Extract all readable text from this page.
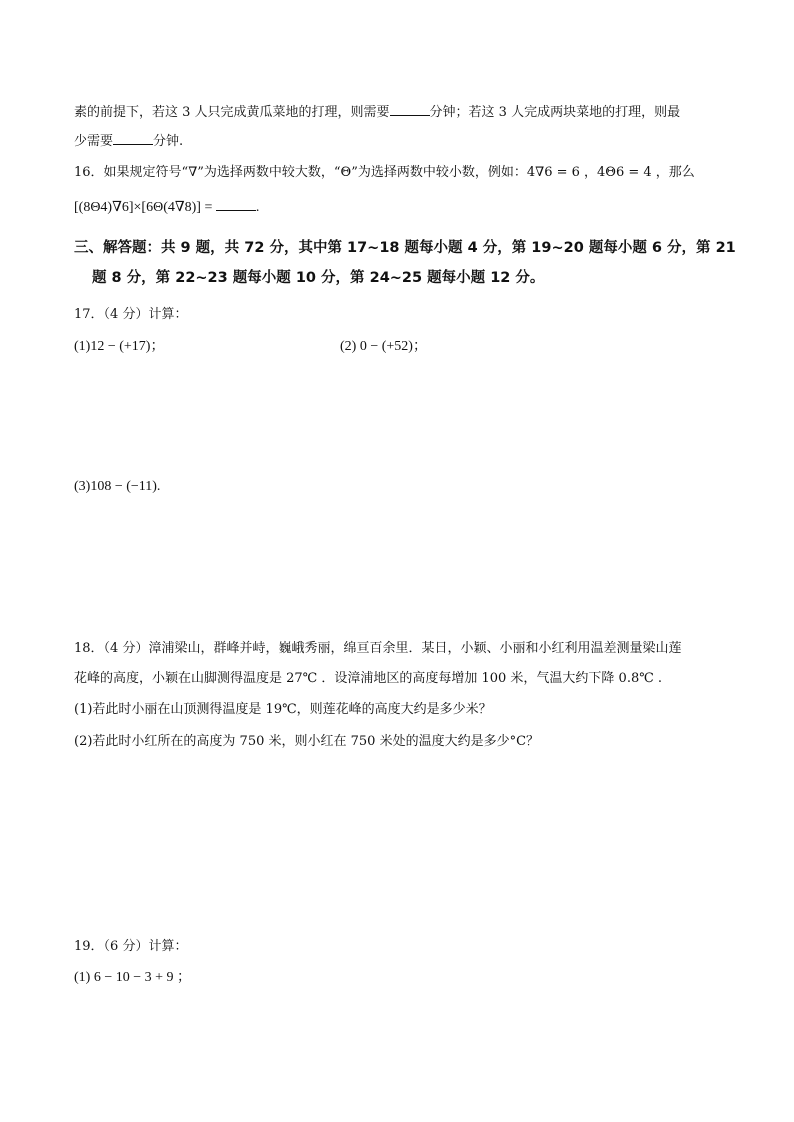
素的前提下，若这 3 人只完成黄瓜菜地的打理，则需要	分钟；若这 3 人完成两块菜地的打理，则最
少需要	分钟.
16．如果规定符号“∇”为选择两数中较大数，“Θ”为选择两数中较小数，例如：4∇6 = 6 ，4Θ6 = 4 ，那么
[(8Θ4)∇6]×[6Θ(4∇8)] =	.
三、解答题：共 9 题，共 72 分，其中第 17~18 题每小题 4 分，第 19~20 题每小题 6 分，第 21
题 8 分，第 22~23 题每小题 10 分，第 24~25 题每小题 12 分。
17．（4 分）计算：
(1)12 − (+17)；	(2) 0 − (+52)；
(3)108 − (−11).
18．（4 分）漳浦梁山，群峰并峙，巍峨秀丽，绵亘百余里．某日，小颖、小丽和小红利用温差测量梁山莲
花峰的高度，小颖在山脚测得温度是 27℃ ．设漳浦地区的高度每增加 100 米，气温大约下降 0.8℃ .
(1)若此时小丽在山顶测得温度是 19℃，则莲花峰的高度大约是多少米？
(2)若此时小红所在的高度为 750 米，则小红在 750 米处的温度大约是多少°C？
19．（6 分）计算：
(1) 6 − 10 − 3 + 9 ；
